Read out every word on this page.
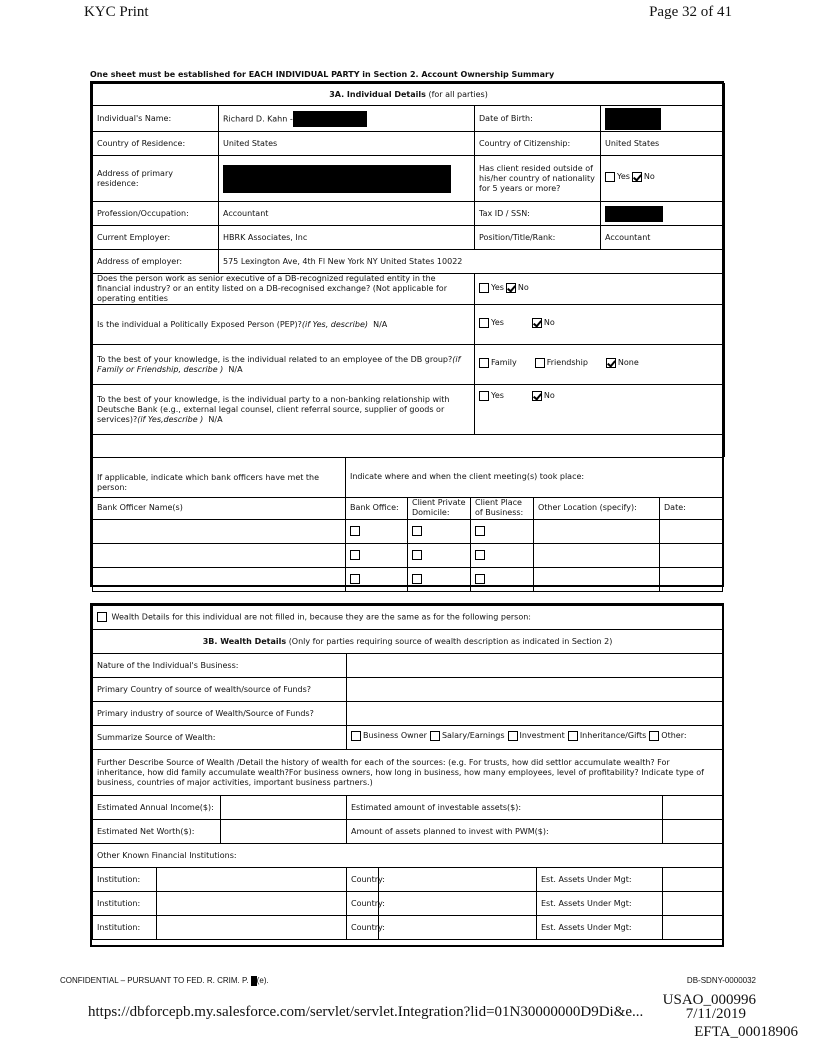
KYC Print	Page 32 of 41
One sheet must be established for EACH INDIVIDUAL PARTY in Section 2. Account Ownership Summary
3A. Individual Details (for all parties)			
Individual's Name:	Richard D. Kahn -	Date of Birth:	
Country of Residence:	United States	Country of Citizenship:	United States
Address of primary residence:		Has client resided outside of his/her country of nationality for 5 years or more?	Yes No

Profession/Occupation:	Accountant	Tax ID / SSN:	
Current Employer:	HBRK Associates, Inc	Position/Title/Rank:	Accountant
Address of employer:	575 Lexington Ave, 4th Fl New York NY United States 10022		
Does the person work as senior executive of a DB-recognized regulated entity in the financial industry? or an entity listed on a DB-recognised exchange? (Not applicable for operating entities		Yes No	

Is the individual a Politically Exposed Person (PEP)?(if Yes, describe) N/A		Yes No	

To the best of your knowledge, is the individual related to an employee of the DB group?(if Family or Friendship, describe ) N/A		Family Friendship None	

To the best of your knowledge, is the individual party to a non-banking relationship with Deutsche Bank (e.g., external legal counsel, client referral source, supplier of goods or services)?(if Yes,describe ) N/A		Yes No	

If applicable, indicate which bank officers have met the person:	Indicate where and when the client meeting(s) took place:				
Bank Officer Name(s)	Bank Office:	Client Private Domicile:	Client Place of Business:	Other Location (specify):	Date:

Wealth Details for this individual are not filled in, because they are the same as for the following person:						
3B. Wealth Details (Only for parties requiring source of wealth description as indicated in Section 2)						
Nature of the Individual's Business:						
Primary Country of source of wealth/source of Funds?						
Primary industry of source of Wealth/Source of Funds?						
Summarize Source of Wealth:			Business Owner Salary/Earnings Investment Inheritance/Gifts Other:			

Further Describe Source of Wealth /Detail the history of wealth for each of the sources: (e.g. For trusts, how did settlor accumulate wealth? For inheritance, how did family accumulate wealth?For business owners, how long in business, how many employees, level of profitability? Indicate type of business, countries of major activities, important business partners.)						
Estimated Annual Income($):			Estimated amount of investable assets($):			
Estimated Net Worth($):			Amount of assets planned to invest with PWM($):			
Other Known Financial Institutions:						
Institution:			Country:		Est. Assets Under Mgt:	
Institution:			Country:		Est. Assets Under Mgt:	
Institution:			Country:		Est. Assets Under Mgt:	
CONFIDENTIAL – PURSUANT TO FED. R. CRIM. P. (e).	DB-SDNY-0000032
https://dbforcepb.my.salesforce.com/servlet/servlet.Integration?lid=01N30000000D9Di&e...
USAO_000996
7/11/2019
EFTA_00018906
